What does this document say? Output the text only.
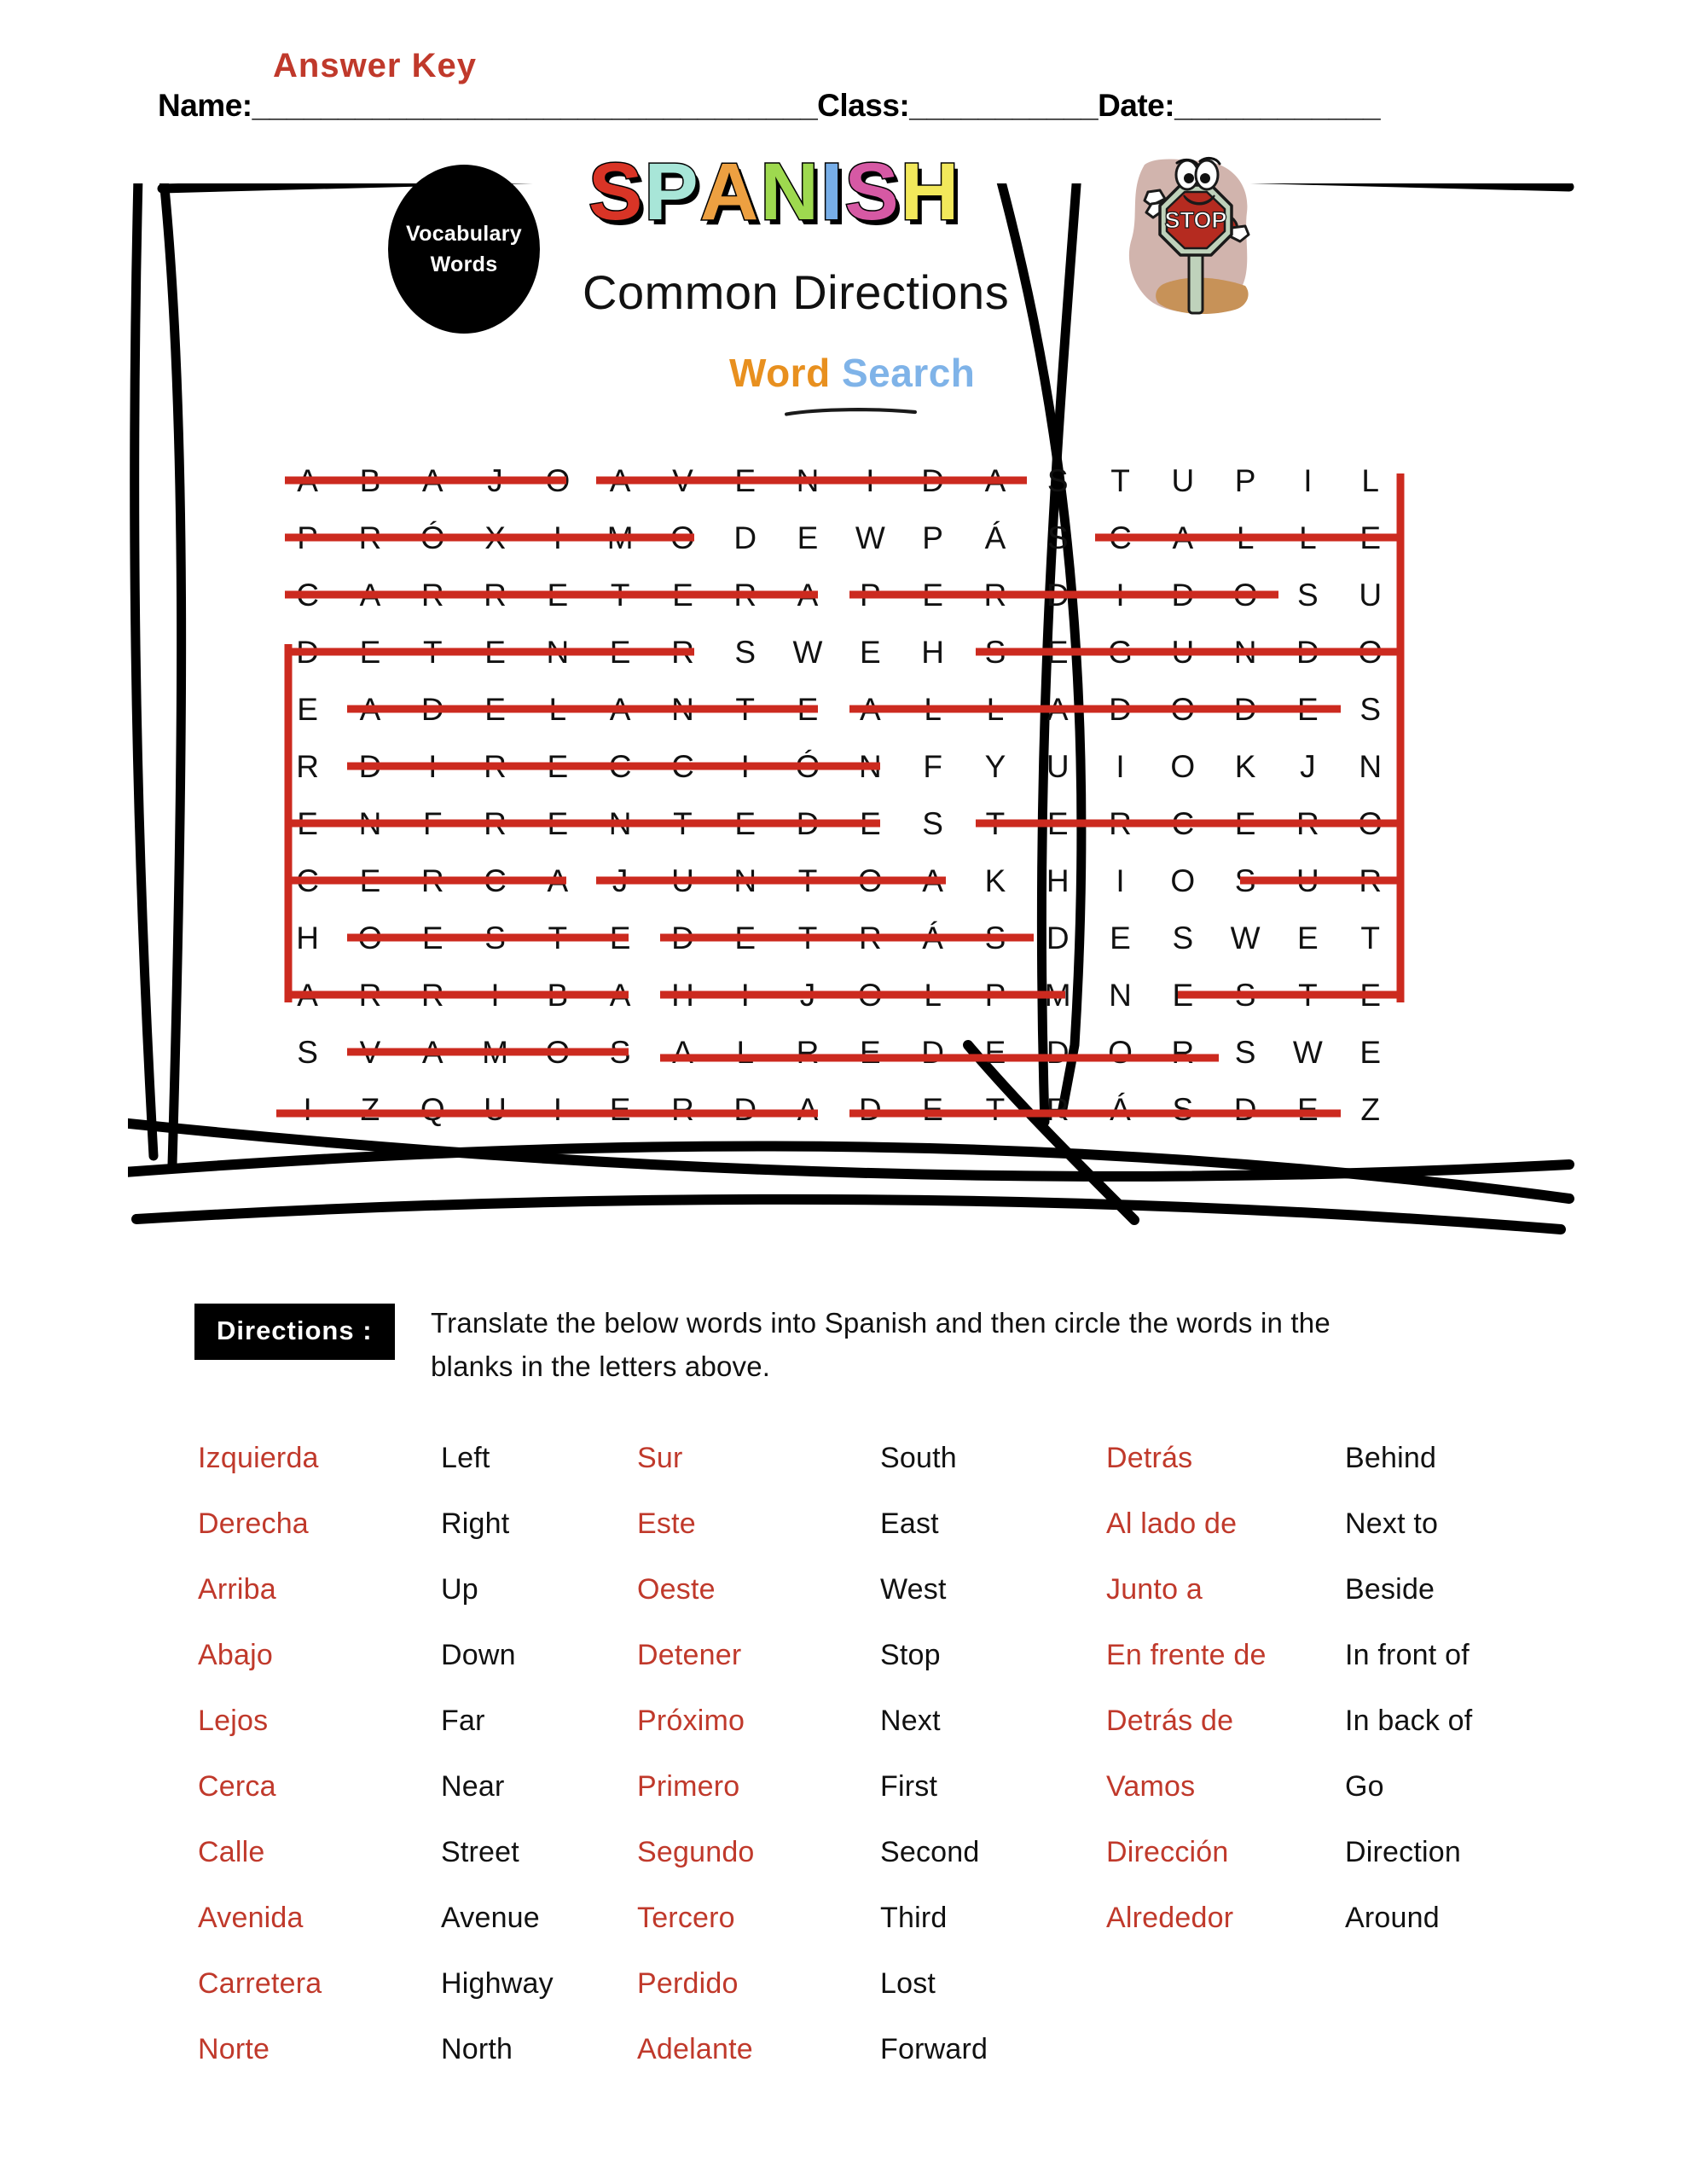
Answer Key
Name:_________________________________Class:___________Date:____________
Vocabulary
Words
SPANISH
Common Directions
Word Search
STOP
A	B	A	J	O	A	V	E	N	I	D	A	S	T	U	P	I	L
P	R	Ó	X	I	M	O	D	E	W	P	Á	S	C	A	L	L	E
C	A	R	R	E	T	E	R	A	P	E	R	D	I	D	O	S	U
D	E	T	E	N	E	R	S	W	E	H	S	E	G	U	N	D	O
E	A	D	E	L	A	N	T	E	A	L	L	A	D	O	D	E	S
R	D	I	R	E	C	C	I	Ó	N	F	Y	U	I	O	K	J	N
E	N	F	R	E	N	T	E	D	E	S	T	E	R	C	E	R	O
C	E	R	C	A	J	U	N	T	O	A	K	H	I	O	S	U	R
H	O	E	S	T	E	D	E	T	R	Á	S	D	E	S	W	E	T
A	R	R	I	B	A	H	I	J	O	L	P	M	N	E	S	T	E
S	V	A	M	O	S	A	L	R	E	D	E	D	O	R	S	W	E
I	Z	Q	U	I	E	R	D	A	D	E	T	R	Á	S	D	E	Z
Directions :	Translate the below words into Spanish and then circle the words in the blanks in the letters above.
Izquierda	Left	Sur	South	Detrás	Behind
Derecha	Right	Este	East	Al lado de	Next to
Arriba	Up	Oeste	West	Junto a	Beside
Abajo	Down	Detener	Stop	En frente de	In front of
Lejos	Far	Próximo	Next	Detrás de	In back of
Cerca	Near	Primero	First	Vamos	Go
Calle	Street	Segundo	Second	Dirección	Direction
Avenida	Avenue	Tercero	Third	Alrededor	Around
Carretera	Highway	Perdido	Lost		
Norte	North	Adelante	Forward		
